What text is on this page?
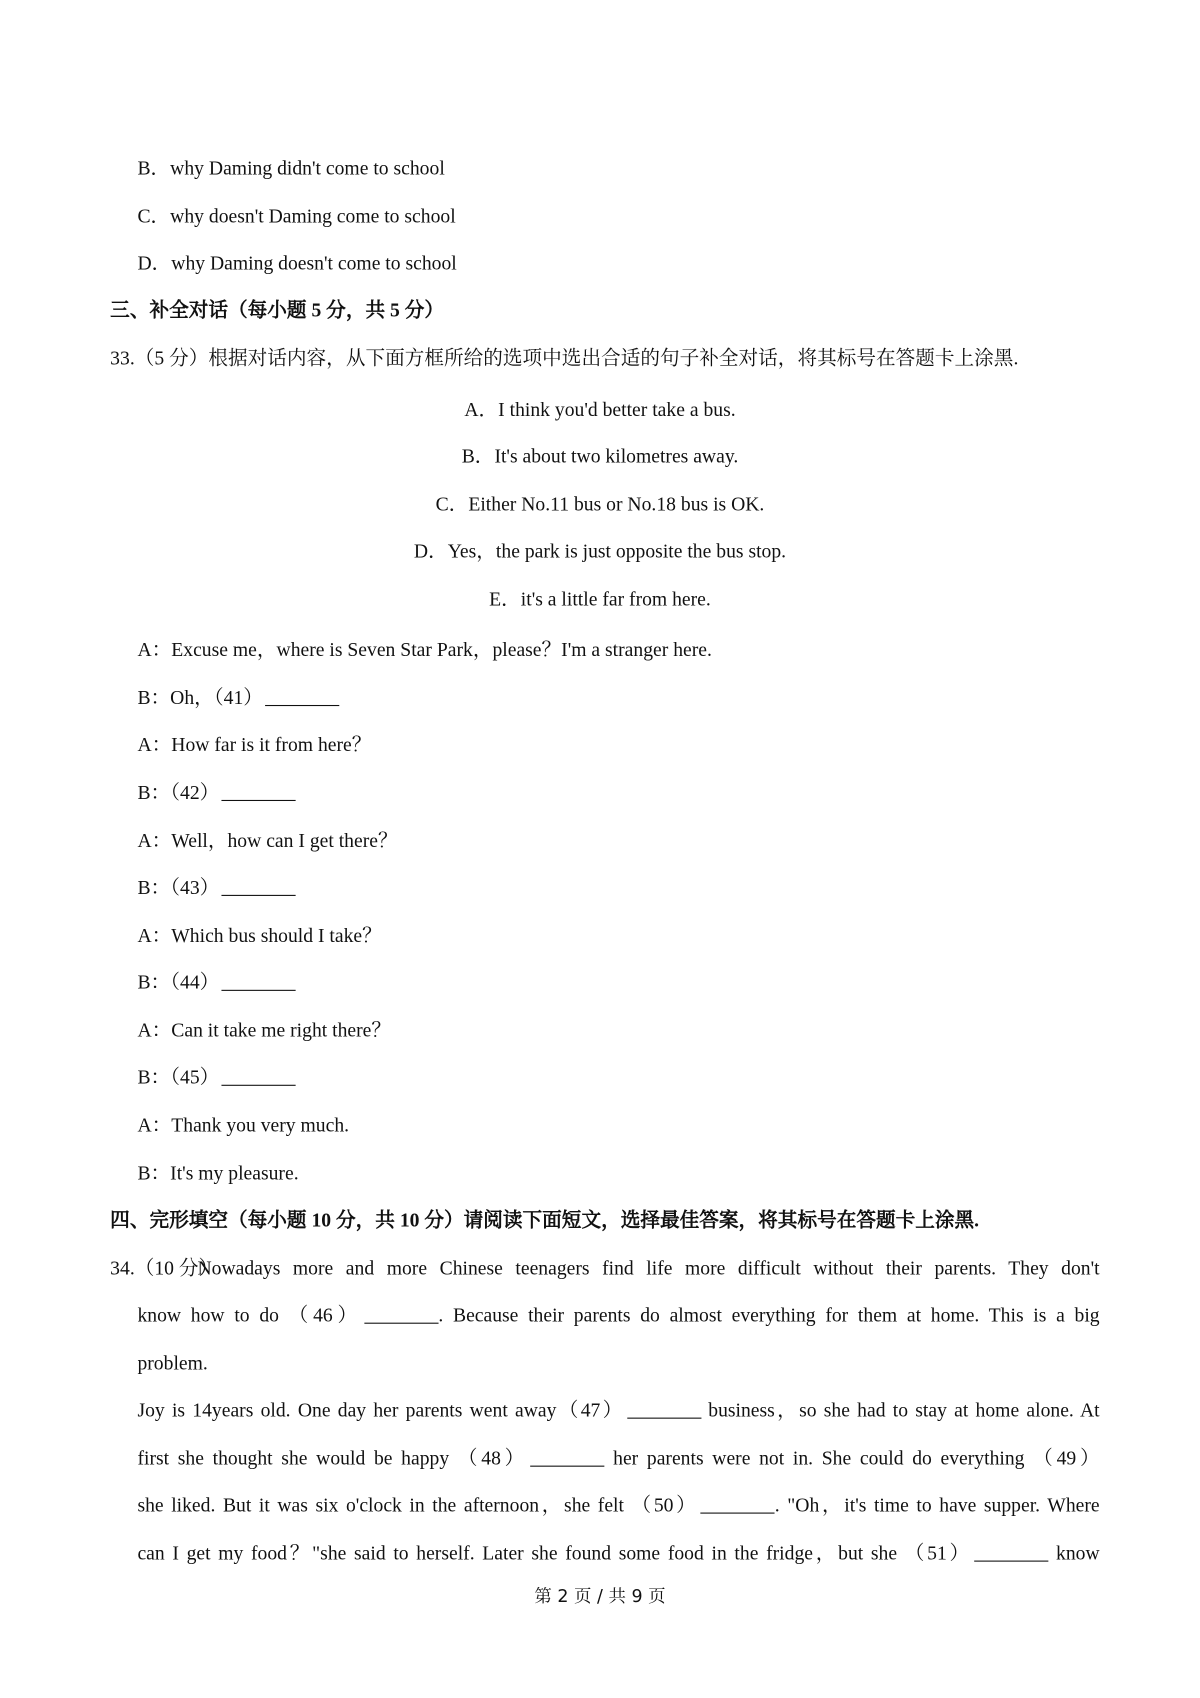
B．why Daming didn't come to school
C．why doesn't Daming come to school
D．why Daming doesn't come to school
三、补全对话（每小题 5 分，共 5 分）
33.（5 分）根据对话内容，从下面方框所给的选项中选出合适的句子补全对话，将其标号在答题卡上涂黑.
A．I think you'd better take a bus.
B．It's about two kilometres away.
C．Either No.11 bus or No.18 bus is OK.
D．Yes，the park is just opposite the bus stop.
E．it's a little far from here.
A：Excuse me，where is Seven Star Park，please？I'm a stranger here.
B：Oh，（41）
A：How far is it from here？
B：（42）
A：Well，how can I get there？
B：（43）
A：Which bus should I take？
B：（44）
A：Can it take me right there？
B：（45）
A：Thank you very much.
B：It's my pleasure.
四、完形填空（每小题 10 分，共 10 分）请阅读下面短文，选择最佳答案，将其标号在答题卡上涂黑.
34.（10 分）
Nowadays more and more Chinese teenagers find life more difficult without their parents. They don't
know how to do （46）	. Because their parents do almost everything for them at home. This is a big
problem.
Joy is 14years old. One day her parents went away（47）	business，so she had to stay at home alone. At
first she thought she would be happy （48）	her parents were not in. She could do everything （49）
she liked. But it was six o'clock in the afternoon，she felt （50）	. "Oh，it's time to have supper. Where
can I get my food？"she said to herself. Later she found some food in the fridge，but she （51）	know
第 2 页 / 共 9 页
